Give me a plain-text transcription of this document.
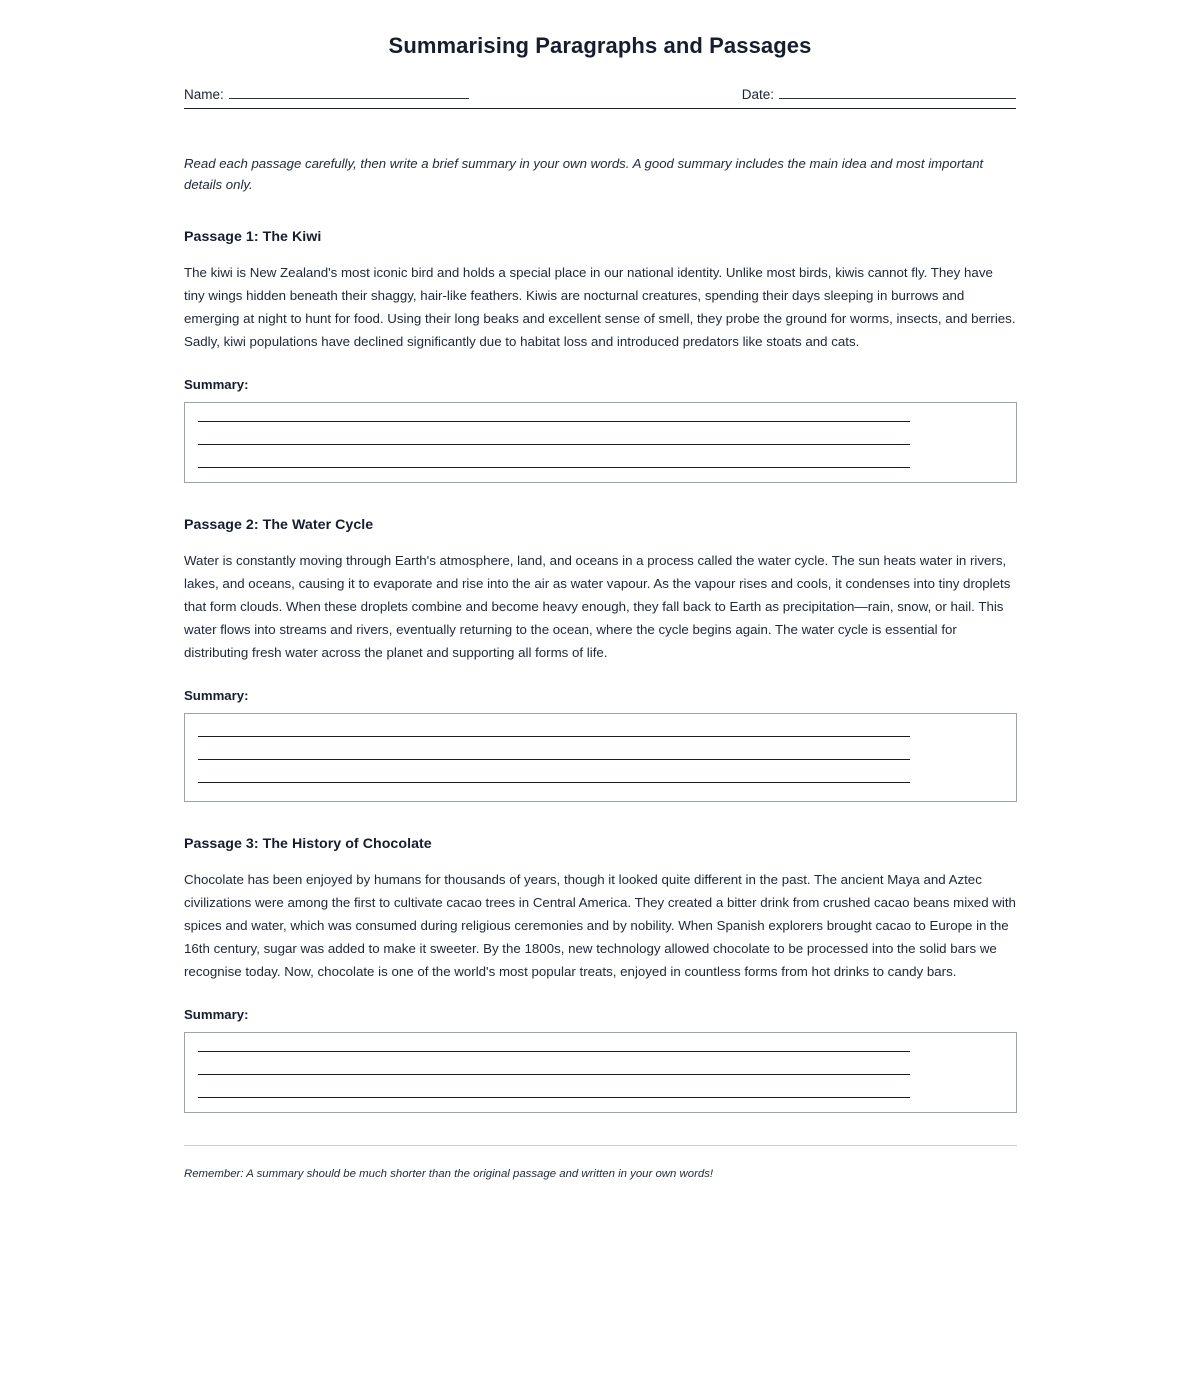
Summarising Paragraphs and Passages
Name:	Date:

Read each passage carefully, then write a brief summary in your own words. A good summary includes the main idea and most important details only.

Passage 1: The Kiwi

The kiwi is New Zealand's most iconic bird and holds a special place in our national identity. Unlike most birds, kiwis cannot fly. They have tiny wings hidden beneath their shaggy, hair-like feathers. Kiwis are nocturnal creatures, spending their days sleeping in burrows and emerging at night to hunt for food. Using their long beaks and excellent sense of smell, they probe the ground for worms, insects, and berries. Sadly, kiwi populations have declined significantly due to habitat loss and introduced predators like stoats and cats.

Summary:
Passage 2: The Water Cycle

Water is constantly moving through Earth's atmosphere, land, and oceans in a process called the water cycle. The sun heats water in rivers, lakes, and oceans, causing it to evaporate and rise into the air as water vapour. As the vapour rises and cools, it condenses into tiny droplets that form clouds. When these droplets combine and become heavy enough, they fall back to Earth as precipitation—rain, snow, or hail. This water flows into streams and rivers, eventually returning to the ocean, where the cycle begins again. The water cycle is essential for distributing fresh water across the planet and supporting all forms of life.

Summary:
Passage 3: The History of Chocolate

Chocolate has been enjoyed by humans for thousands of years, though it looked quite different in the past. The ancient Maya and Aztec civilizations were among the first to cultivate cacao trees in Central America. They created a bitter drink from crushed cacao beans mixed with spices and water, which was consumed during religious ceremonies and by nobility. When Spanish explorers brought cacao to Europe in the 16th century, sugar was added to make it sweeter. By the 1800s, new technology allowed chocolate to be processed into the solid bars we recognise today. Now, chocolate is one of the world's most popular treats, enjoyed in countless forms from hot drinks to candy bars.

Summary:

Remember: A summary should be much shorter than the original passage and written in your own words!
